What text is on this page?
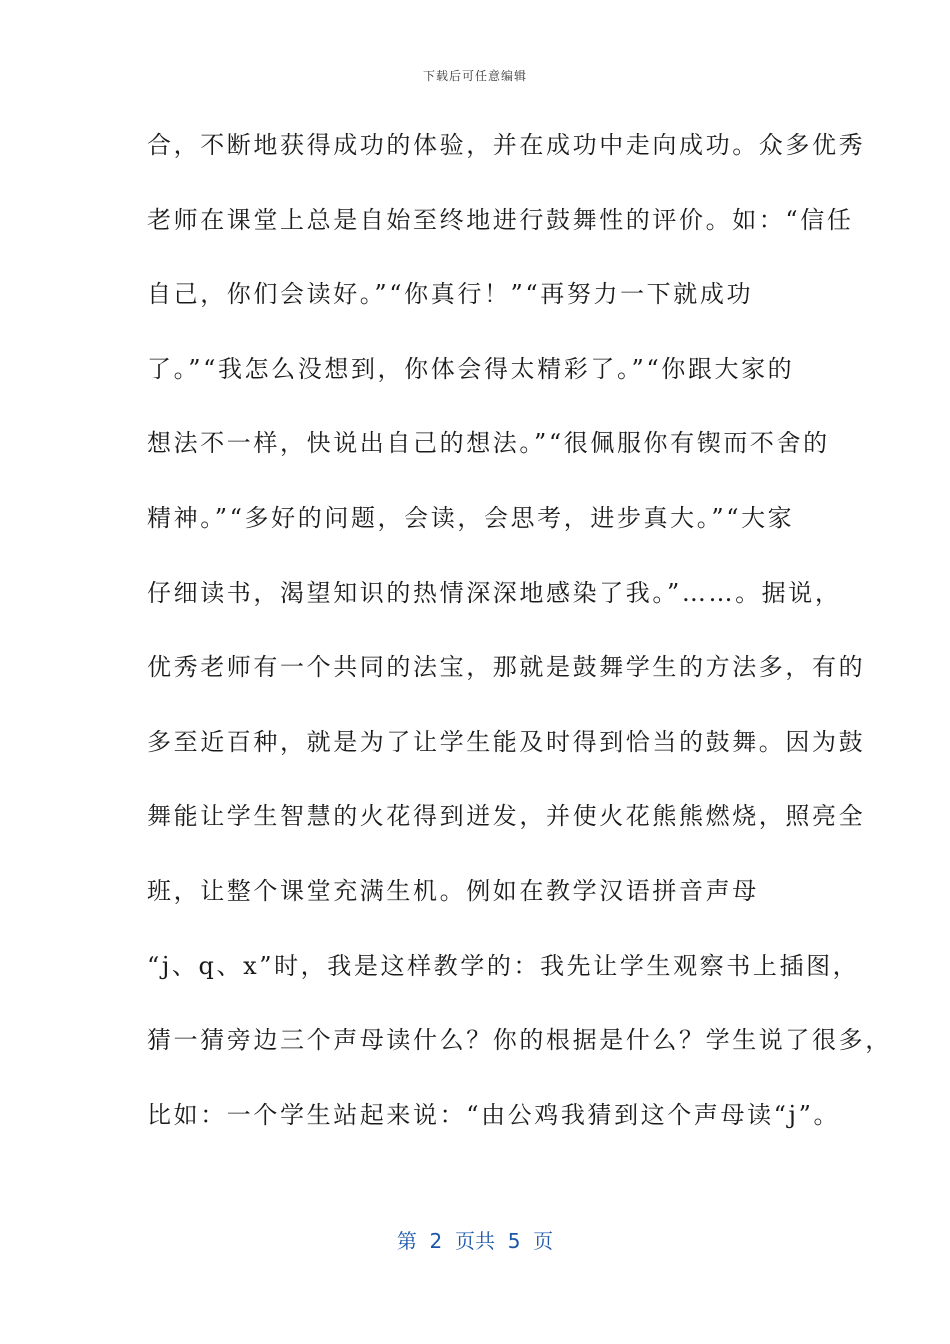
下载后可任意编辑
合，不断地获得成功的体验，并在成功中走向成功。众多优秀
老师在课堂上总是自始至终地进行鼓舞性的评价。如：“信任
自己，你们会读好。”“你真行！”“再努力一下就成功
了。”“我怎么没想到，你体会得太精彩了。”“你跟大家的
想法不一样，快说出自己的想法。”“很佩服你有锲而不舍的
精神。”“多好的问题，会读，会思考，进步真大。”“大家
仔细读书，渴望知识的热情深深地感染了我。”……。据说，
优秀老师有一个共同的法宝，那就是鼓舞学生的方法多，有的
多至近百种，就是为了让学生能及时得到恰当的鼓舞。因为鼓
舞能让学生智慧的火花得到迸发，并使火花熊熊燃烧，照亮全
班，让整个课堂充满生机。例如在教学汉语拼音声母
“j、q、x”时，我是这样教学的：我先让学生观察书上插图，
猜一猜旁边三个声母读什么？你的根据是什么？学生说了很多，
比如：一个学生站起来说：“由公鸡我猜到这个声母读“j”。
第  2  页共  5  页
